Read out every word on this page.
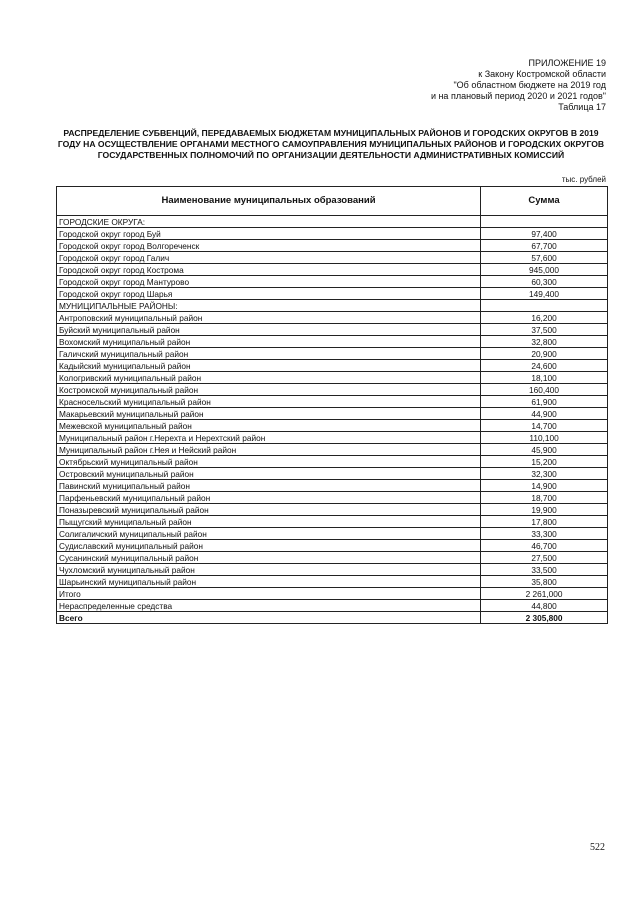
ПРИЛОЖЕНИЕ 19
к Закону Костромской области
"Об областном бюджете на 2019 год
и на плановый период 2020 и 2021 годов"
Таблица 17
РАСПРЕДЕЛЕНИЕ СУБВЕНЦИЙ, ПЕРЕДАВАЕМЫХ БЮДЖЕТАМ МУНИЦИПАЛЬНЫХ РАЙОНОВ И ГОРОДСКИХ ОКРУГОВ В 2019 ГОДУ НА ОСУЩЕСТВЛЕНИЕ ОРГАНАМИ МЕСТНОГО САМОУПРАВЛЕНИЯ МУНИЦИПАЛЬНЫХ РАЙОНОВ И ГОРОДСКИХ ОКРУГОВ ГОСУДАРСТВЕННЫХ ПОЛНОМОЧИЙ ПО ОРГАНИЗАЦИИ ДЕЯТЕЛЬНОСТИ АДМИНИСТРАТИВНЫХ КОМИССИЙ
тыс. рублей
Наименование муниципальных образований	Сумма
ГОРОДСКИЕ ОКРУГА:	
Городской округ город Буй	97,400
Городской округ город Волгореченск	67,700
Городской округ город Галич	57,600
Городской округ город Кострома	945,000
Городской округ город Мантурово	60,300
Городской округ город Шарья	149,400
МУНИЦИПАЛЬНЫЕ РАЙОНЫ:	
Антроповский муниципальный район	16,200
Буйский муниципальный район	37,500
Вохомский муниципальный район	32,800
Галичский муниципальный район	20,900
Кадыйский муниципальный район	24,600
Кологривский муниципальный район	18,100
Костромской муниципальный район	160,400
Красносельский муниципальный район	61,900
Макарьевский муниципальный район	44,900
Межевской муниципальный район	14,700
Муниципальный район г.Нерехта и Нерехтский район	110,100
Муниципальный район г.Нея и Нейский район	45,900
Октябрьский муниципальный район	15,200
Островский муниципальный район	32,300
Павинский муниципальный район	14,900
Парфеньевский муниципальный район	18,700
Поназыревский муниципальный район	19,900
Пыщугский муниципальный район	17,800
Солигаличский муниципальный район	33,300
Судиславский муниципальный район	46,700
Сусанинский муниципальный район	27,500
Чухломский муниципальный район	33,500
Шарьинский муниципальный район	35,800
Итого	2 261,000
Нераспределенные средства	44,800
Всего	2 305,800
522
